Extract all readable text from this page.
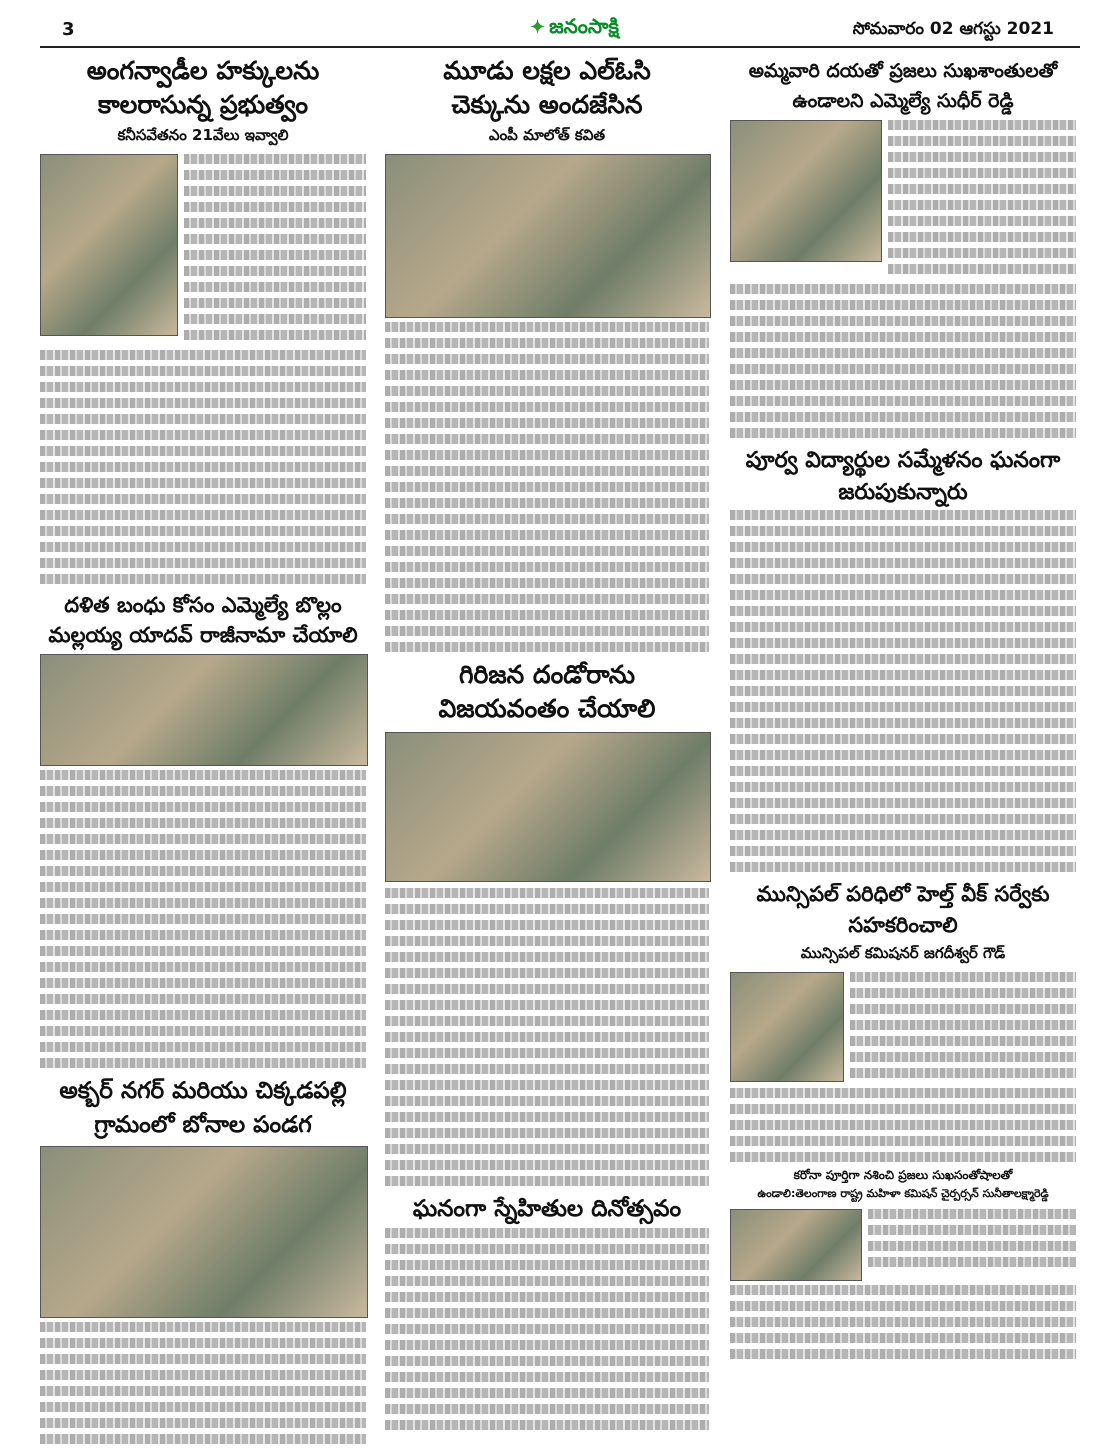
3	✦ జనంసాక్షి	సోమవారం 02 ఆగస్టు 2021
అంగన్వాడీల హక్కులను కాలరాసున్న ప్రభుత్వం
కనీసవేతనం 21వేలు ఇవ్వాలి
దళిత బంధు కోసం ఎమ్మెల్యే బొల్లం మల్లయ్య యాదవ్ రాజీనామా చేయాలి
అక్బర్ నగర్ మరియు చిక్కడపల్లి గ్రామంలో బోనాల పండగ
మూడు లక్షల ఎల్ఓసి చెక్కును అందజేసిన
ఎంపీ మాలోత్ కవిత
గిరిజన దండోరాను విజయవంతం చేయాలి
ఘనంగా స్నేహితుల దినోత్సవం
అమ్మవారి దయతో ప్రజలు సుఖశాంతులతో ఉండాలని ఎమ్మెల్యే సుధీర్ రెడ్డి
పూర్వ విద్యార్థుల సమ్మేళనం ఘనంగా జరుపుకున్నారు
మున్సిపల్ పరిధిలో హెల్త్ వీక్ సర్వేకు సహకరించాలి
మున్సిపల్ కమిషనర్ జగదీశ్వర్ గౌడ్
కరోనా పూర్తిగా నశించి ప్రజలు సుఖసంతోషాలతో
ఉండాలి:తెలంగాణ రాష్ట్ర మహిళా కమిషన్ చైర్పర్సన్ సునీతాలక్ష్మారెడ్డి
